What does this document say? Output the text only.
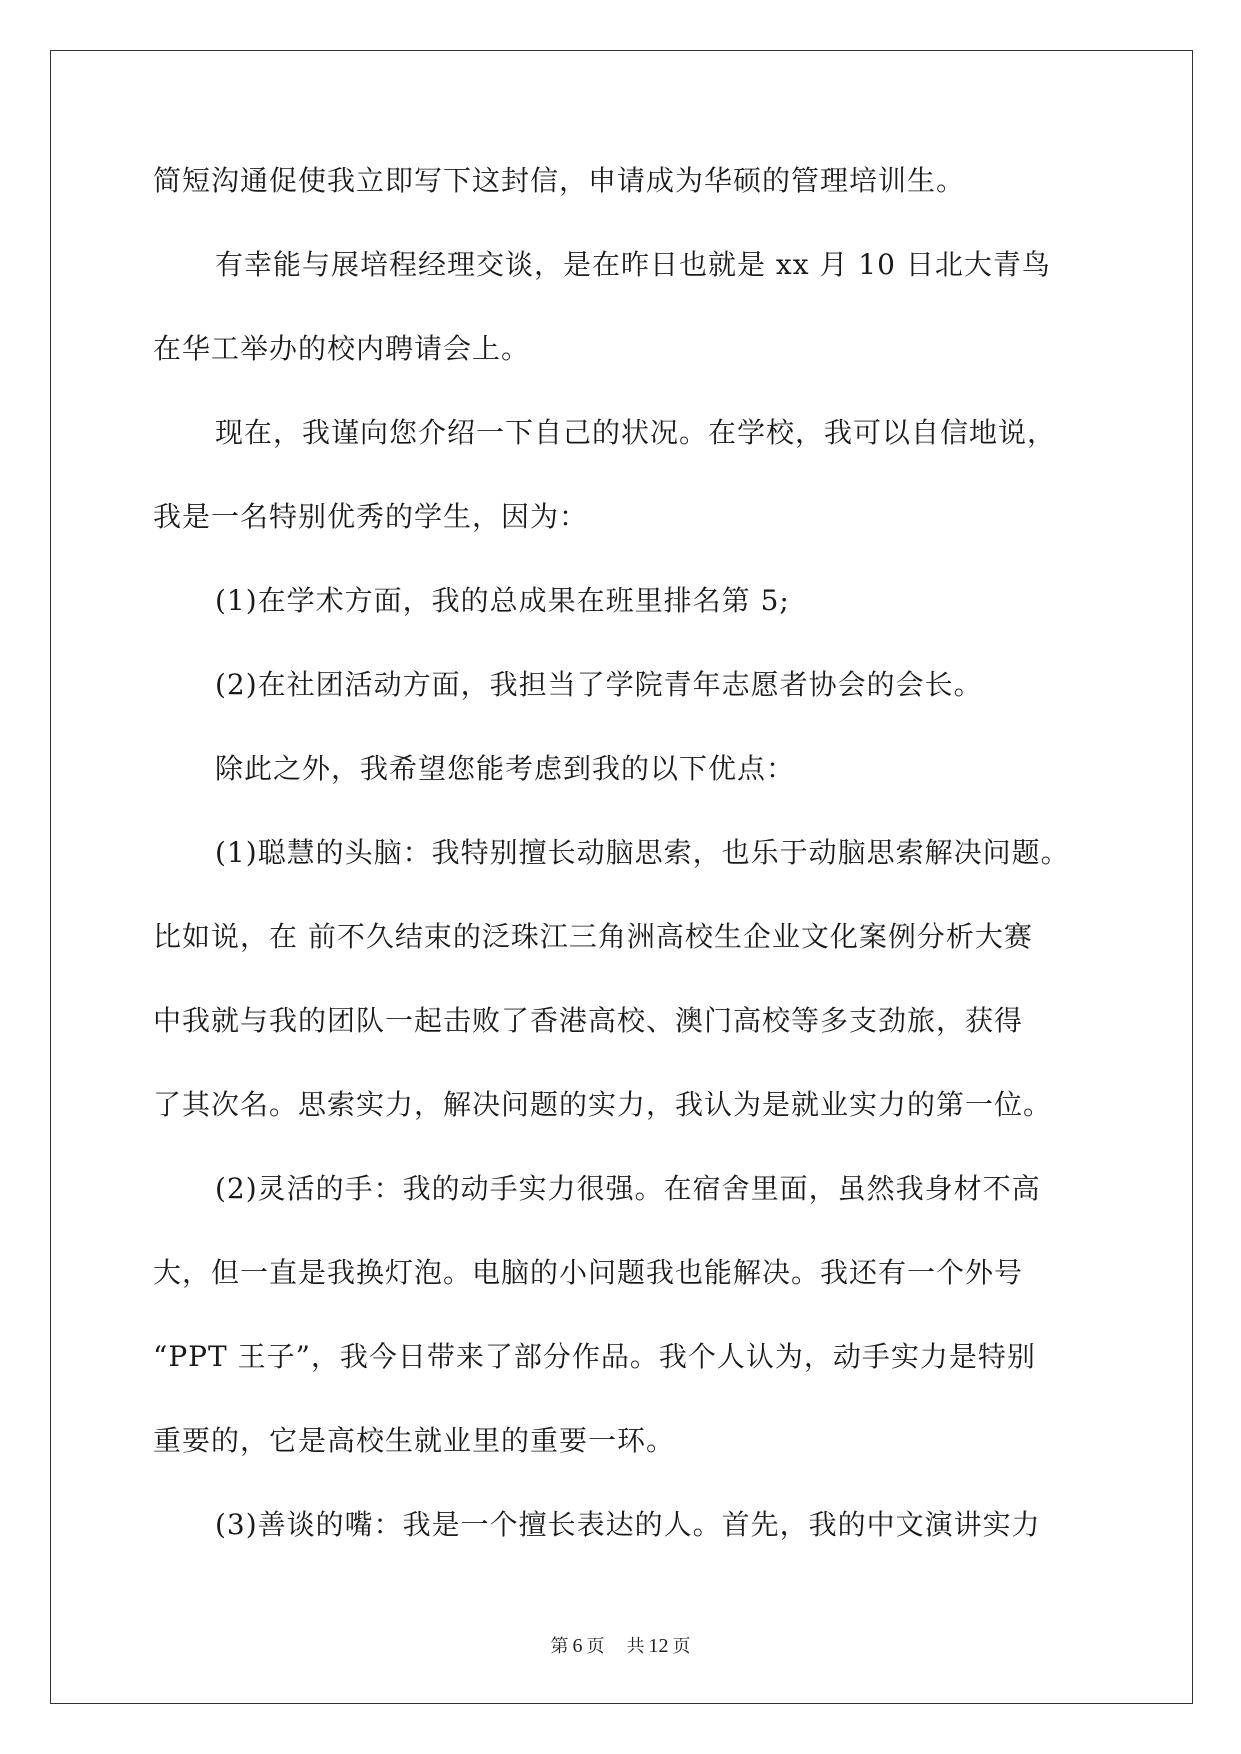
简短沟通促使我立即写下这封信，申请成为华硕的管理培训生。
有幸能与展培程经理交谈，是在昨日也就是 xx 月 10 日北大青鸟
在华工举办的校内聘请会上。
现在，我谨向您介绍一下自己的状况。在学校，我可以自信地说，
我是一名特别优秀的学生，因为：
(1)在学术方面，我的总成果在班里排名第 5;
(2)在社团活动方面，我担当了学院青年志愿者协会的会长。
除此之外，我希望您能考虑到我的以下优点：
(1)聪慧的头脑：我特别擅长动脑思索，也乐于动脑思索解决问题。
比如说，在 前不久结束的泛珠江三角洲高校生企业文化案例分析大赛
中我就与我的团队一起击败了香港高校、澳门高校等多支劲旅，获得
了其次名。思索实力，解决问题的实力，我认为是就业实力的第一位。
(2)灵活的手：我的动手实力很强。在宿舍里面，虽然我身材不高
大，但一直是我换灯泡。电脑的小问题我也能解决。我还有一个外号
“PPT 王子”，我今日带来了部分作品。我个人认为，动手实力是特别
重要的，它是高校生就业里的重要一环。
(3)善谈的嘴：我是一个擅长表达的人。首先，我的中文演讲实力
第 6 页 共 12 页
